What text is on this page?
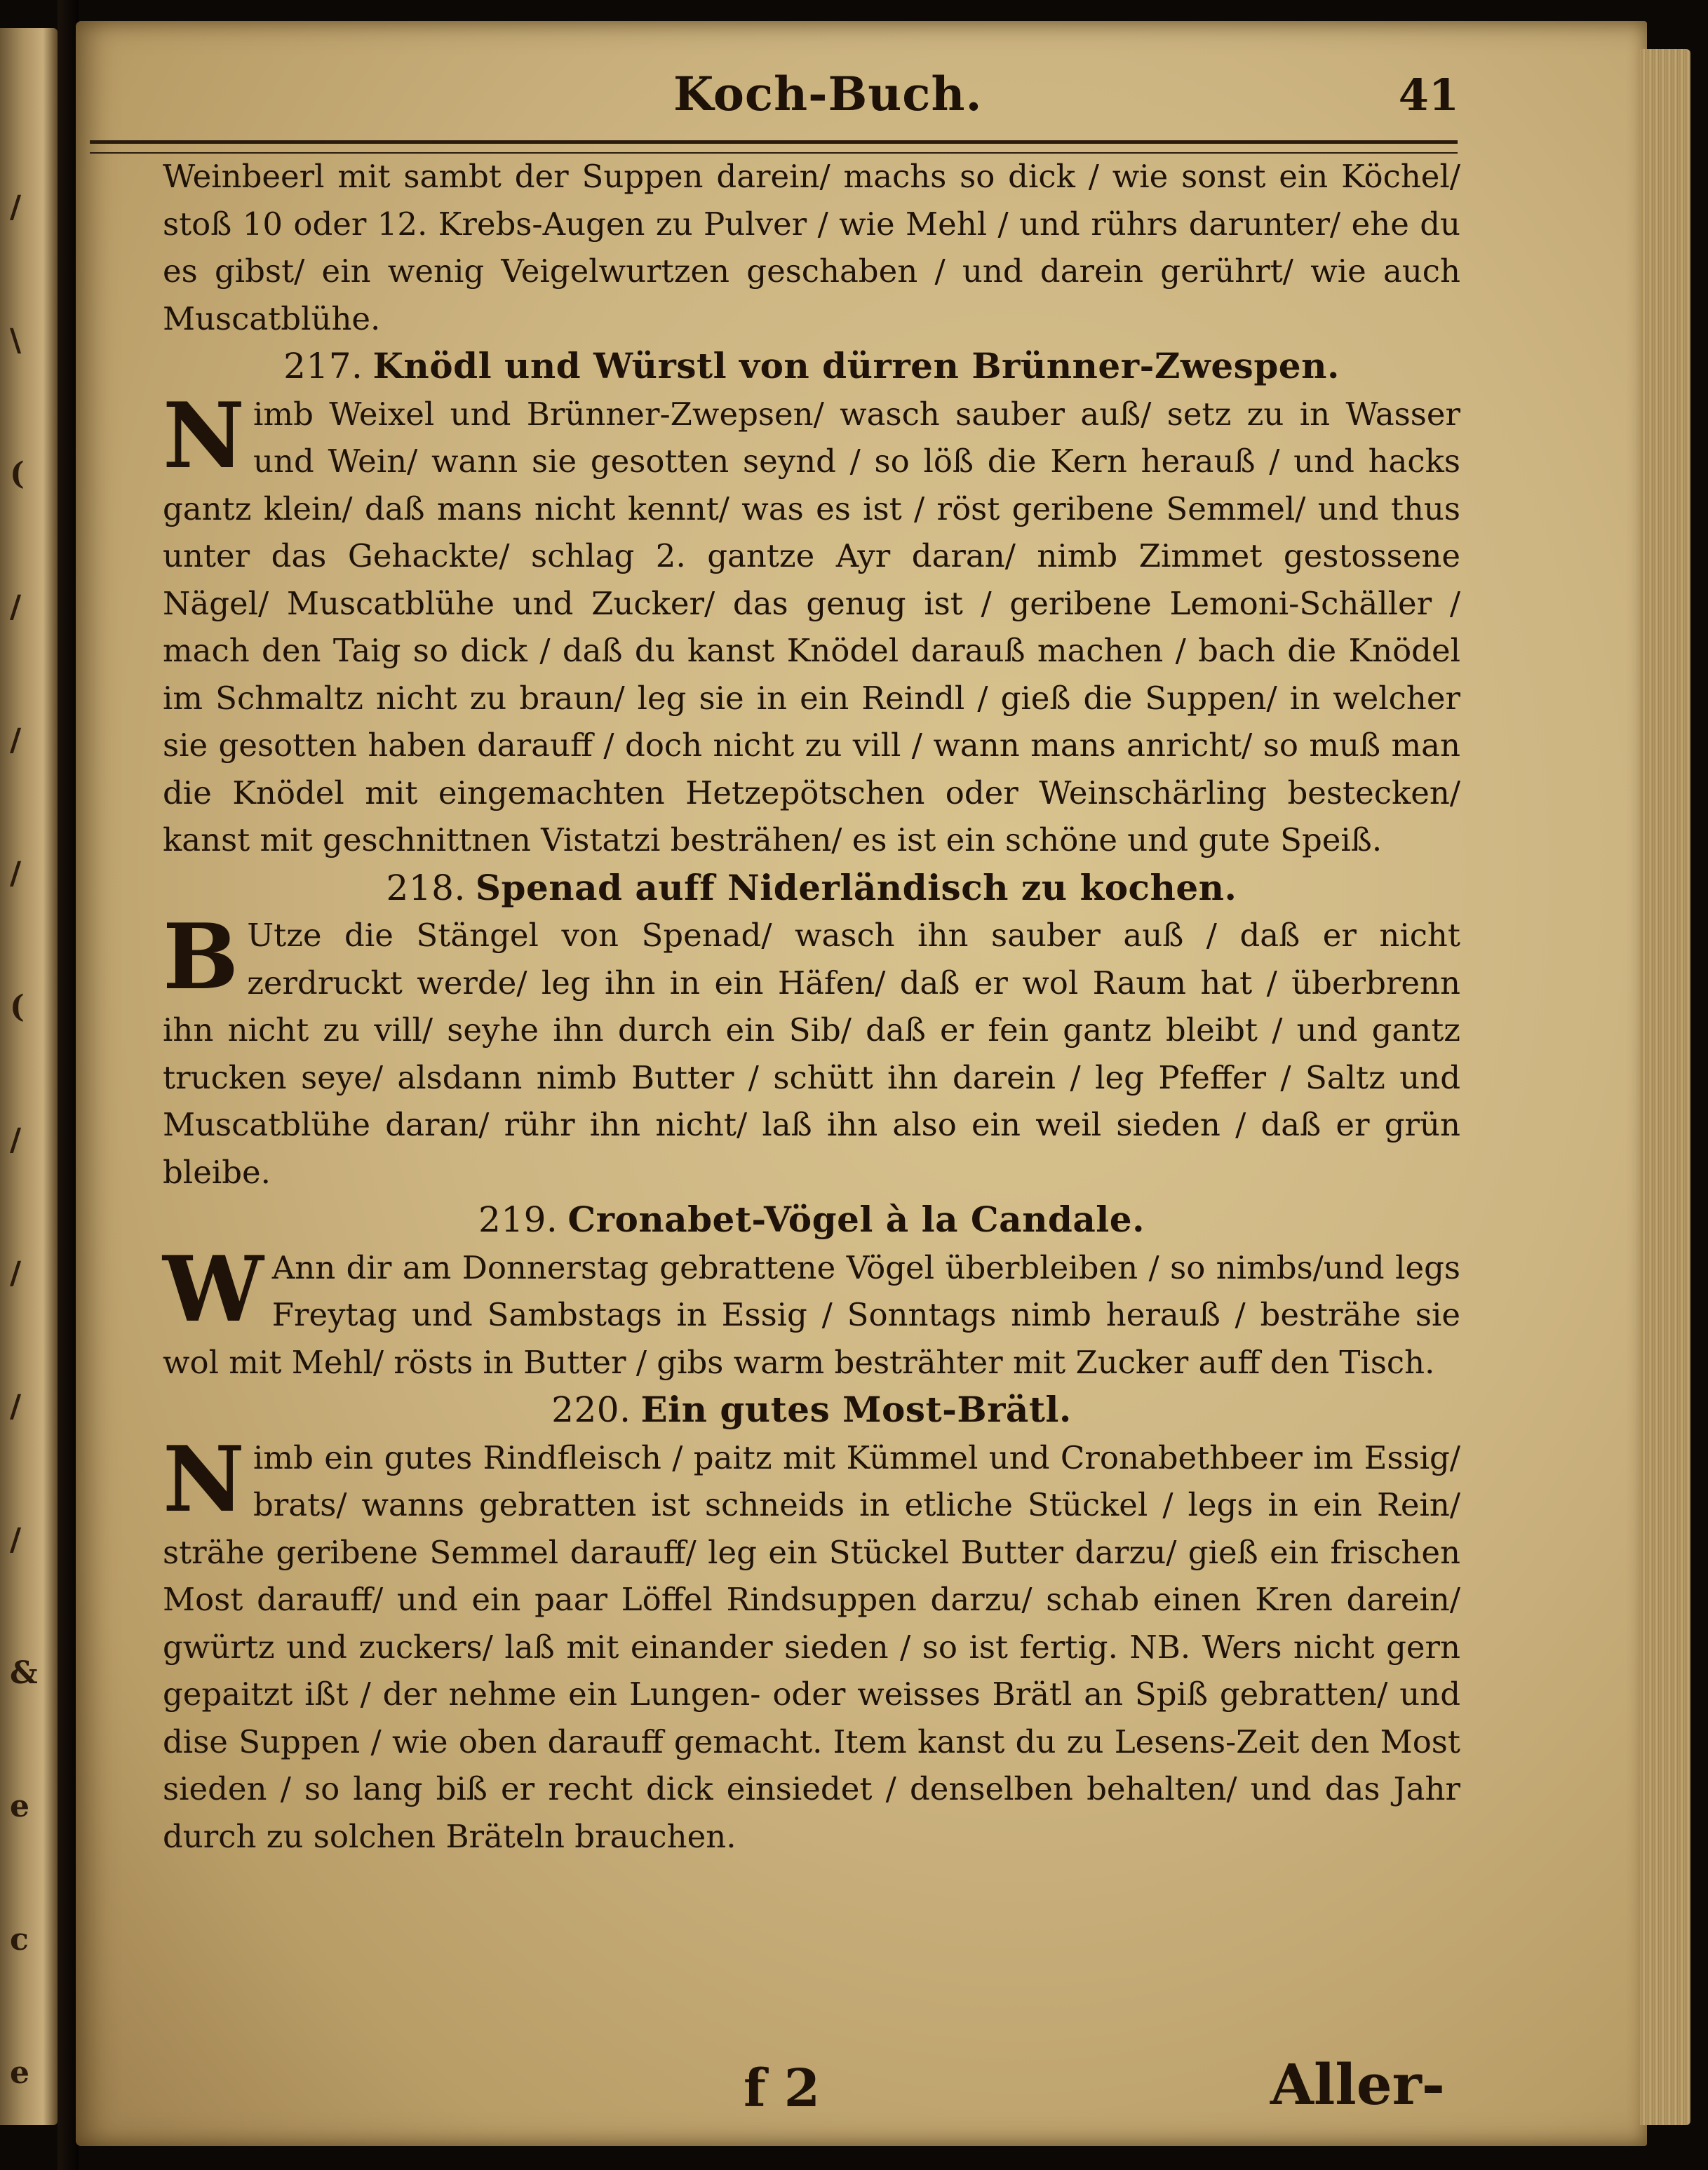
/
\
(
/
/
/
(
/
/
/
/
&
e
c
e
Koch-Buch.	41

Weinbeerl mit sambt der Suppen darein/ machs so dick / wie sonst ein Köchel/ stoß 10 oder 12. Krebs-Augen zu Pulver / wie Mehl / und rührs darunter/ ehe du es gibst/ ein wenig Veigelwurtzen geschaben / und darein gerührt/ wie auch Muscatblühe.

217. Knödl und Würstl von dürren Brünner-Zwespen.

Nimb Weixel und Brünner-Zwepsen/ wasch sauber auß/ setz zu in Wasser und Wein/ wann sie gesotten seynd / so löß die Kern herauß / und hacks gantz klein/ daß mans nicht kennt/ was es ist / röst geribene Semmel/ und thus unter das Gehackte/ schlag 2. gantze Ayr daran/ nimb Zimmet gestossene Nägel/ Muscatblühe und Zucker/ das genug ist / geribene Lemoni-Schäller / mach den Taig so dick / daß du kanst Knödel darauß machen / bach die Knödel im Schmaltz nicht zu braun/ leg sie in ein Reindl / gieß die Suppen/ in welcher sie gesotten haben darauff / doch nicht zu vill / wann mans anricht/ so muß man die Knödel mit eingemachten Hetzepötschen oder Weinschärling bestecken/ kanst mit geschnittnen Vistatzi besträhen/ es ist ein schöne und gute Speiß.

218. Spenad auff Niderländisch zu kochen.

B Utze die Stängel von Spenad/ wasch ihn sauber auß / daß er nicht zerdruckt werde/ leg ihn in ein Häfen/ daß er wol Raum hat / überbrenn ihn nicht zu vill/ seyhe ihn durch ein Sib/ daß er fein gantz bleibt / und gantz trucken seye/ alsdann nimb Butter / schütt ihn darein / leg Pfeffer / Saltz und Muscatblühe daran/ rühr ihn nicht/ laß ihn also ein weil sieden / daß er grün bleibe.

219. Cronabet-Vögel à la Candale.

W Ann dir am Donnerstag gebrattene Vögel überbleiben / so nimbs/und legs Freytag und Sambstags in Essig / Sonntags nimb herauß / besträhe sie wol mit Mehl/ rösts in Butter / gibs warm besträhter mit Zucker auff den Tisch.

220. Ein gutes Most-Brätl.

Nimb ein gutes Rindfleisch / paitz mit Kümmel und Cronabethbeer im Essig/ brats/ wanns gebratten ist schneids in etliche Stückel / legs in ein Rein/ strähe geribene Semmel darauff/ leg ein Stückel Butter darzu/ gieß ein frischen Most darauff/ und ein paar Löffel Rindsuppen darzu/ schab einen Kren darein/ gwürtz und zuckers/ laß mit einander sieden / so ist fertig. NB. Wers nicht gern gepaitzt ißt / der nehme ein Lungen- oder weisses Brätl an Spiß gebratten/ und dise Suppen / wie oben darauff gemacht. Item kanst du zu Lesens-Zeit den Most sieden / so lang biß er recht dick einsiedet / denselben behalten/ und das Jahr durch zu solchen Bräteln brauchen.

f 2	Aller-
